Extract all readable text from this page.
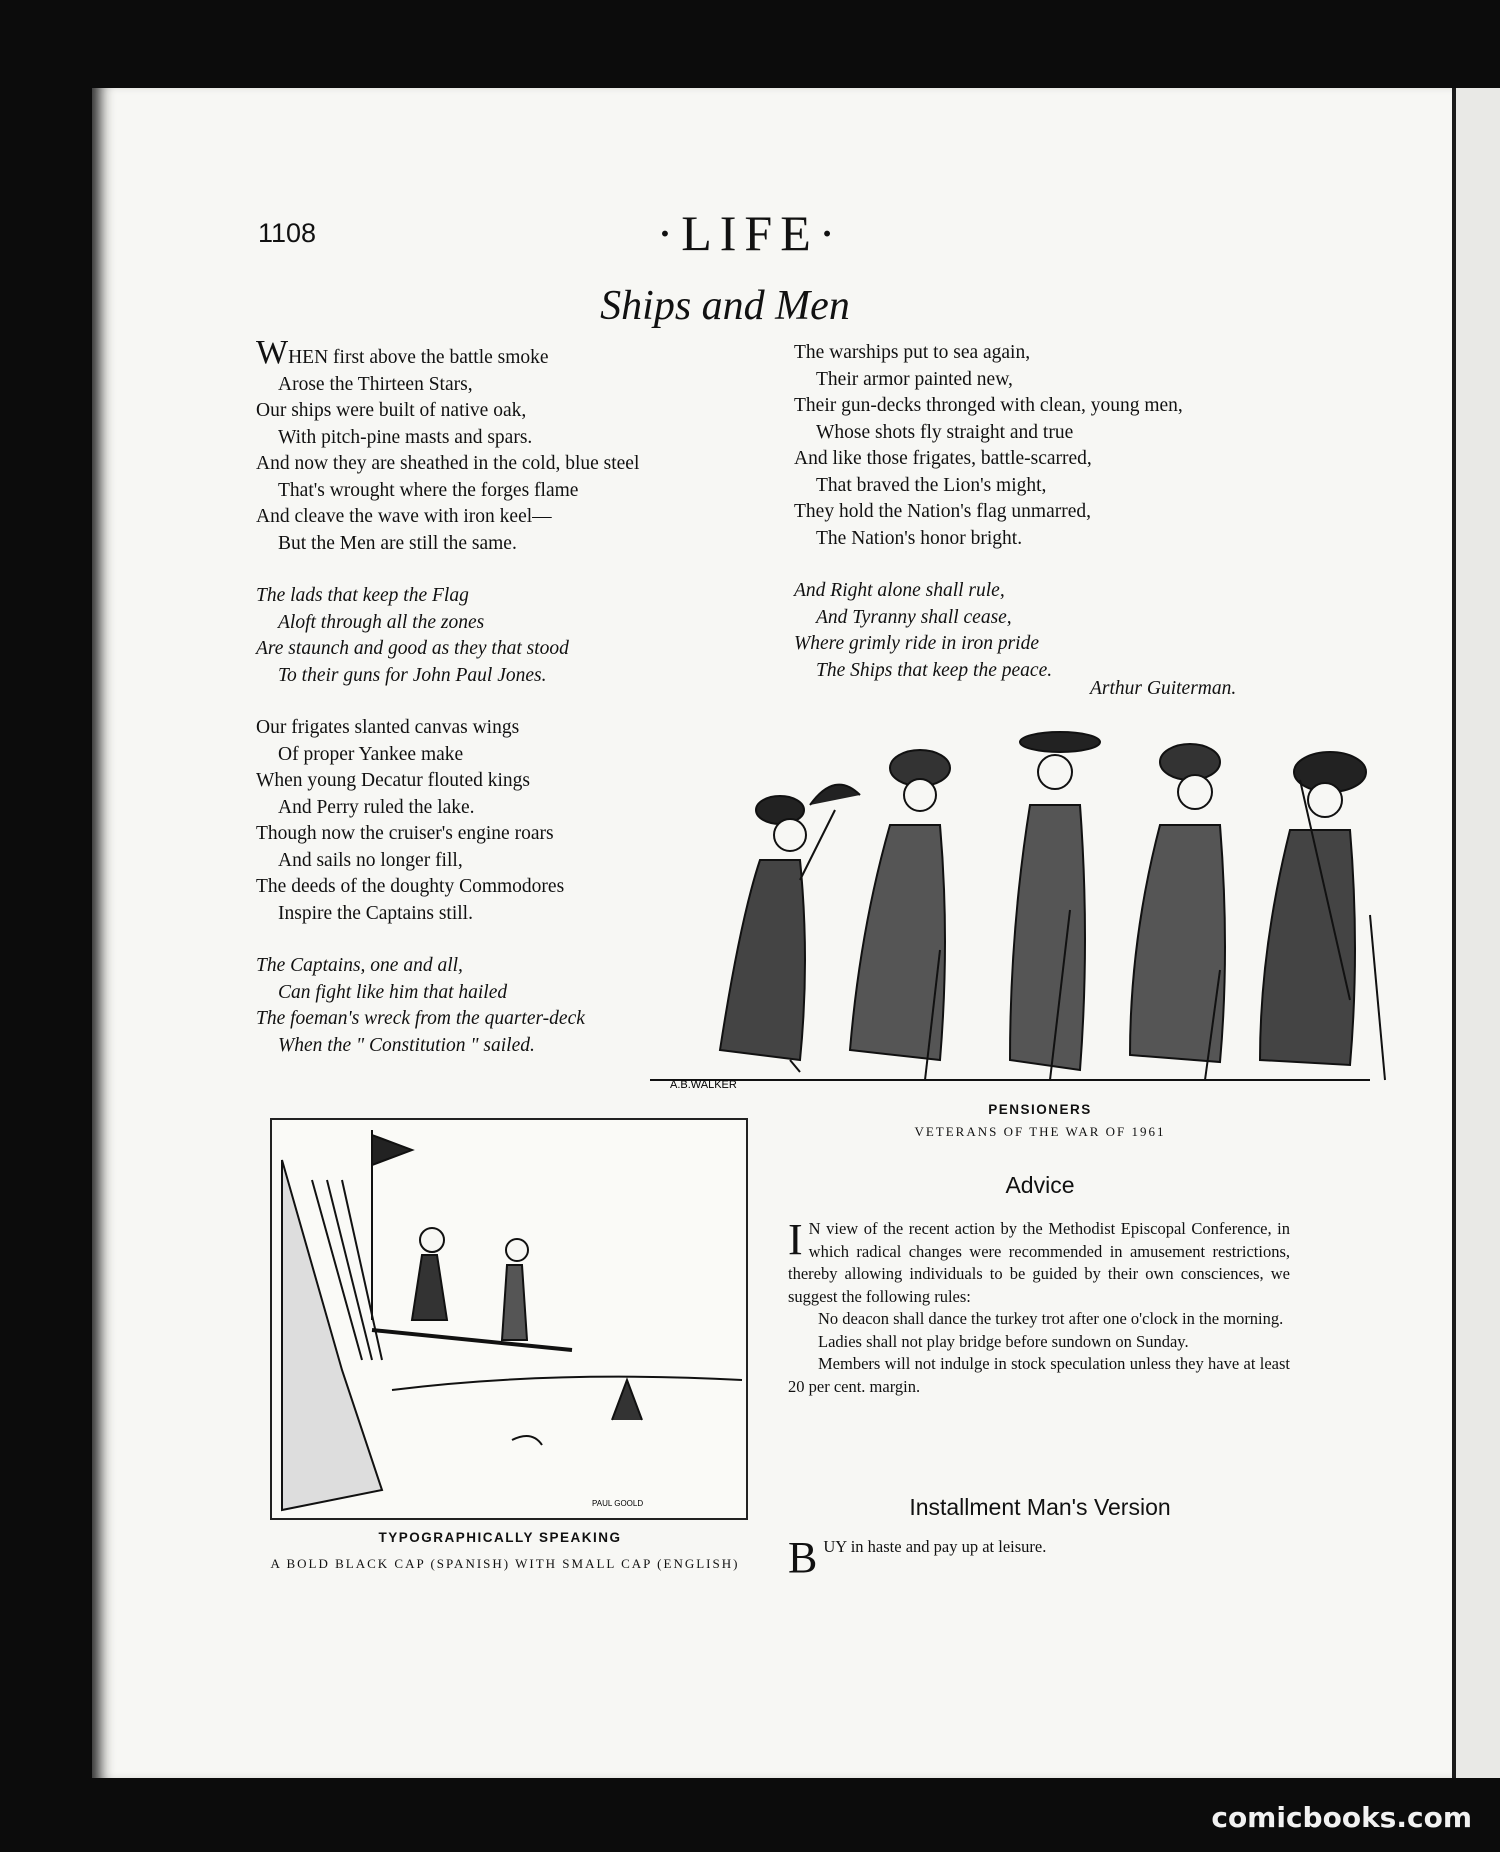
1108	·LIFE·
Ships and Men
WHEN first above the battle smoke
Arose the Thirteen Stars,
Our ships were built of native oak,
With pitch-pine masts and spars.
And now they are sheathed in the cold, blue steel
That's wrought where the forges flame
And cleave the wave with iron keel—
But the Men are still the same.
The lads that keep the Flag
Aloft through all the zones
Are staunch and good as they that stood
To their guns for John Paul Jones.
Our frigates slanted canvas wings
Of proper Yankee make
When young Decatur flouted kings
And Perry ruled the lake.
Though now the cruiser's engine roars
And sails no longer fill,
The deeds of the doughty Commodores
Inspire the Captains still.
The Captains, one and all,
Can fight like him that hailed
The foeman's wreck from the quarter-deck
When the " Constitution " sailed.
The warships put to sea again,
Their armor painted new,
Their gun-decks thronged with clean, young men,
Whose shots fly straight and true
And like those frigates, battle-scarred,
That braved the Lion's might,
They hold the Nation's flag unmarred,
The Nation's honor bright.
And Right alone shall rule,
And Tyranny shall cease,
Where grimly ride in iron pride
The Ships that keep the peace.
Arthur Guiterman.
A.B.WALKER
PENSIONERS
VETERANS OF THE WAR OF 1961
PAUL GOOLD
TYPOGRAPHICALLY SPEAKING
A BOLD BLACK CAP (SPANISH) WITH SMALL CAP (ENGLISH)
Advice

I N view of the recent action by the Methodist Episcopal Conference, in which radical changes were recommended in amusement restrictions, thereby allowing individuals to be guided by their own consciences, we suggest the following rules:

No deacon shall dance the turkey trot after one o'clock in the morning.

Ladies shall not play bridge before sundown on Sunday.

Members will not indulge in stock speculation unless they have at least 20 per cent. margin.

Installment Man's Version

BUY in haste and pay up at leisure.

comicbooks.com
